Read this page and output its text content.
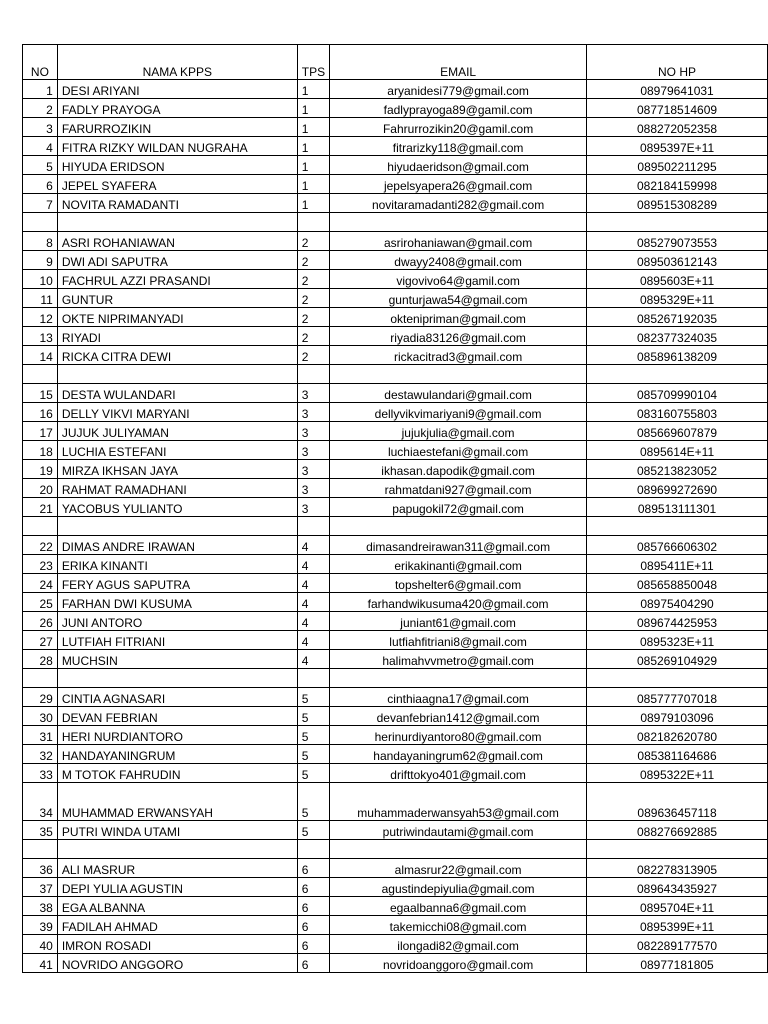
NO	NAMA KPPS	TPS	EMAIL	NO HP
1	DESI ARIYANI	1	aryanidesi779@gmail.com	08979641031
2	FADLY PRAYOGA	1	fadlyprayoga89@gamil.com	087718514609
3	FARURROZIKIN	1	Fahrurrozikin20@gamil.com	088272052358
4	FITRA RIZKY WILDAN NUGRAHA	1	fitrarizky118@gmail.com	0895397E+11
5	HIYUDA ERIDSON	1	hiyudaeridson@gmail.com	089502211295
6	JEPEL SYAFERA	1	jepelsyapera26@gmail.com	082184159998
7	NOVITA RAMADANTI	1	novitaramadanti282@gmail.com	089515308289

8	ASRI ROHANIAWAN	2	asrirohaniawan@gmail.com	085279073553
9	DWI ADI SAPUTRA	2	dwayy2408@gmail.com	089503612143
10	FACHRUL AZZI PRASANDI	2	vigovivo64@gamil.com	0895603E+11
11	GUNTUR	2	gunturjawa54@gmail.com	0895329E+11
12	OKTE NIPRIMANYADI	2	oktenipriman@gmail.com	085267192035
13	RIYADI	2	riyadia83126@gmail.com	082377324035
14	RICKA CITRA DEWI	2	rickacitrad3@gmail.com	085896138209

15	DESTA WULANDARI	3	destawulandari@gmail.com	085709990104
16	DELLY VIKVI MARYANI	3	dellyvikvimariyani9@gmail.com	083160755803
17	JUJUK JULIYAMAN	3	jujukjulia@gmail.com	085669607879
18	LUCHIA ESTEFANI	3	luchiaestefani@gmail.com	0895614E+11
19	MIRZA IKHSAN JAYA	3	ikhasan.dapodik@gmail.com	085213823052
20	RAHMAT RAMADHANI	3	rahmatdani927@gmail.com	089699272690
21	YACOBUS YULIANTO	3	papugokil72@gmail.com	089513111301

22	DIMAS ANDRE IRAWAN	4	dimasandreirawan311@gmail.com	085766606302
23	ERIKA KINANTI	4	erikakinanti@gmail.com	0895411E+11
24	FERY AGUS SAPUTRA	4	topshelter6@gmail.com	085658850048
25	FARHAN DWI KUSUMA	4	farhandwikusuma420@gmail.com	08975404290
26	JUNI ANTORO	4	juniant61@gmail.com	089674425953
27	LUTFIAH FITRIANI	4	lutfiahfitriani8@gmail.com	0895323E+11
28	MUCHSIN	4	halimahvvmetro@gmail.com	085269104929

29	CINTIA AGNASARI	5	cinthiaagna17@gmail.com	085777707018
30	DEVAN FEBRIAN	5	devanfebrian1412@gmail.com	08979103096
31	HERI NURDIANTORO	5	herinurdiyantoro80@gmail.com	082182620780
32	HANDAYANINGRUM	5	handayaningrum62@gmail.com	085381164686
33	M TOTOK FAHRUDIN	5	drifttokyo401@gmail.com	0895322E+11
34	MUHAMMAD ERWANSYAH	5	muhammaderwansyah53@gmail.com	089636457118
35	PUTRI WINDA UTAMI	5	putriwindautami@gmail.com	088276692885

36	ALI MASRUR	6	almasrur22@gmail.com	082278313905
37	DEPI YULIA AGUSTIN	6	agustindepiyulia@gmail.com	089643435927
38	EGA ALBANNA	6	egaalbanna6@gmail.com	0895704E+11
39	FADILAH AHMAD	6	takemicchi08@gmail.com	0895399E+11
40	IMRON ROSADI	6	ilongadi82@gmail.com	082289177570
41	NOVRIDO ANGGORO	6	novridoanggoro@gmail.com	08977181805
